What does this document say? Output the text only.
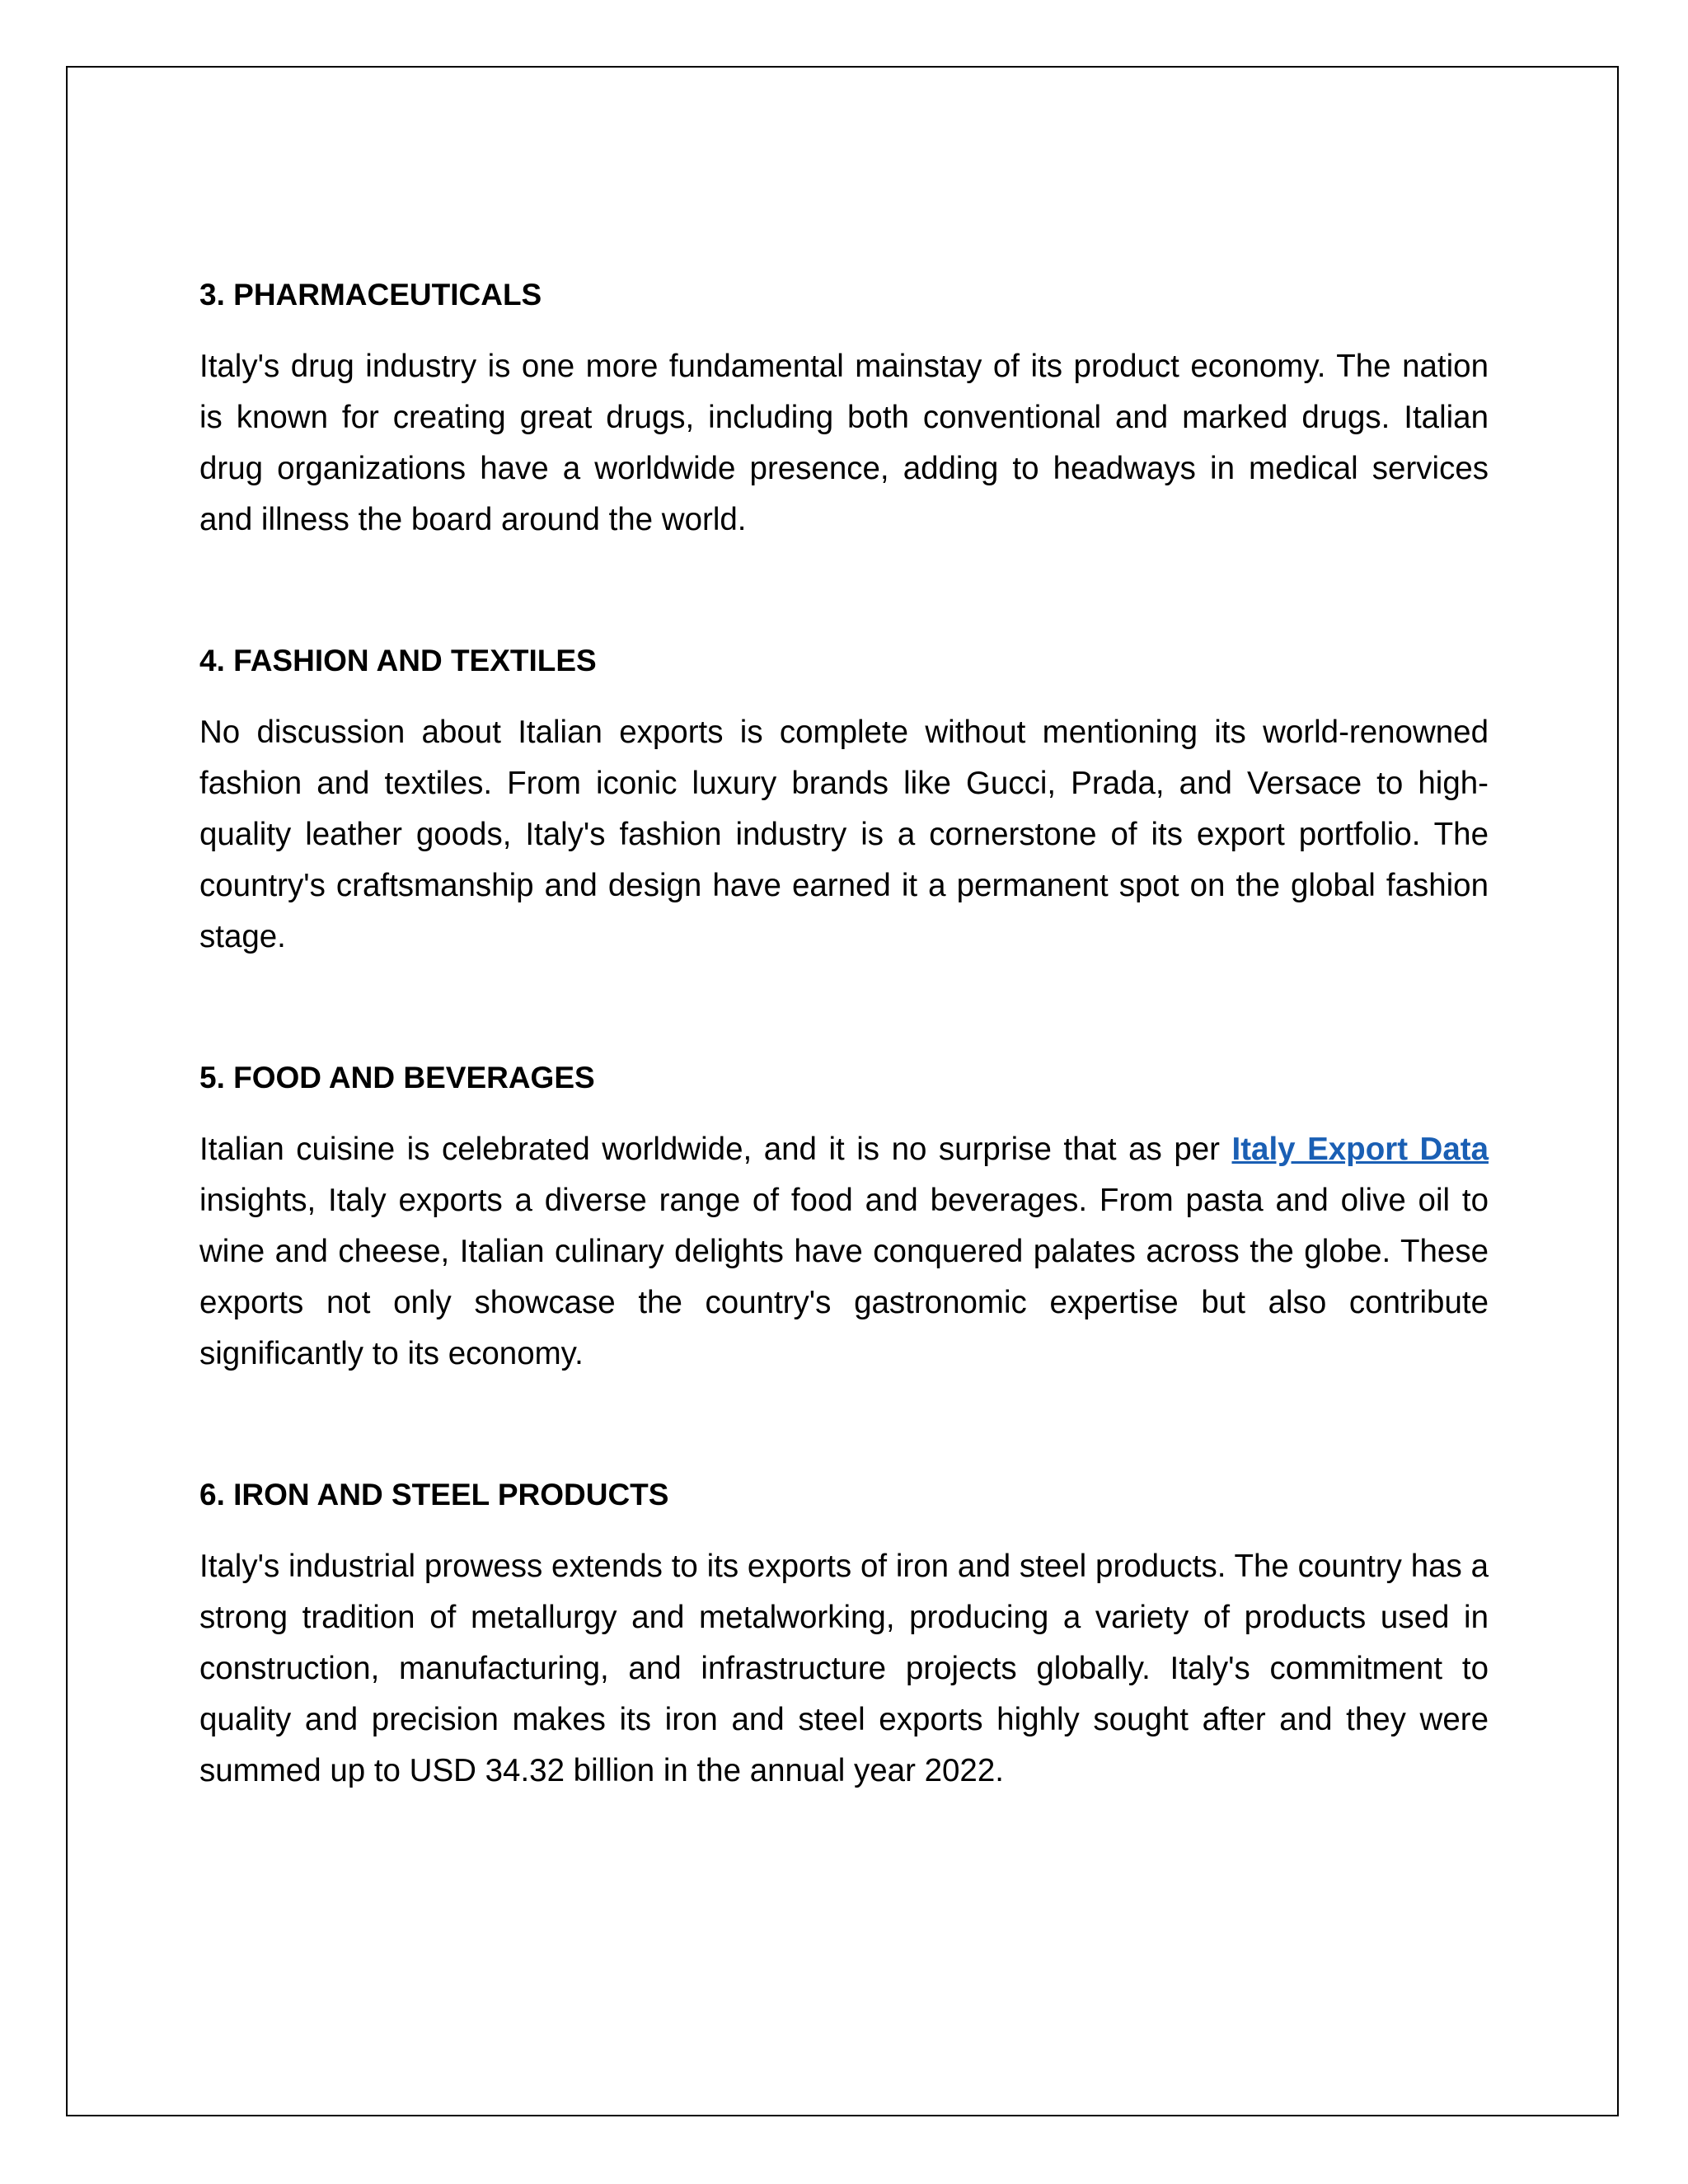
3. PHARMACEUTICALS

Italy's drug industry is one more fundamental mainstay of its product economy. The nation is known for creating great drugs, including both conventional and marked drugs. Italian drug organizations have a worldwide presence, adding to headways in medical services and illness the board around the world.

4. FASHION AND TEXTILES

No discussion about Italian exports is complete without mentioning its world-renowned fashion and textiles. From iconic luxury brands like Gucci, Prada, and Versace to high-quality leather goods, Italy's fashion industry is a cornerstone of its export portfolio. The country's craftsmanship and design have earned it a permanent spot on the global fashion stage.

5. FOOD AND BEVERAGES

Italian cuisine is celebrated worldwide, and it is no surprise that as per Italy Export Data insights, Italy exports a diverse range of food and beverages. From pasta and olive oil to wine and cheese, Italian culinary delights have conquered palates across the globe. These exports not only showcase the country's gastronomic expertise but also contribute significantly to its economy.

6. IRON AND STEEL PRODUCTS

Italy's industrial prowess extends to its exports of iron and steel products. The country has a strong tradition of metallurgy and metalworking, producing a variety of products used in construction, manufacturing, and infrastructure projects globally. Italy's commitment to quality and precision makes its iron and steel exports highly sought after and they were summed up to USD 34.32 billion in the annual year 2022.
